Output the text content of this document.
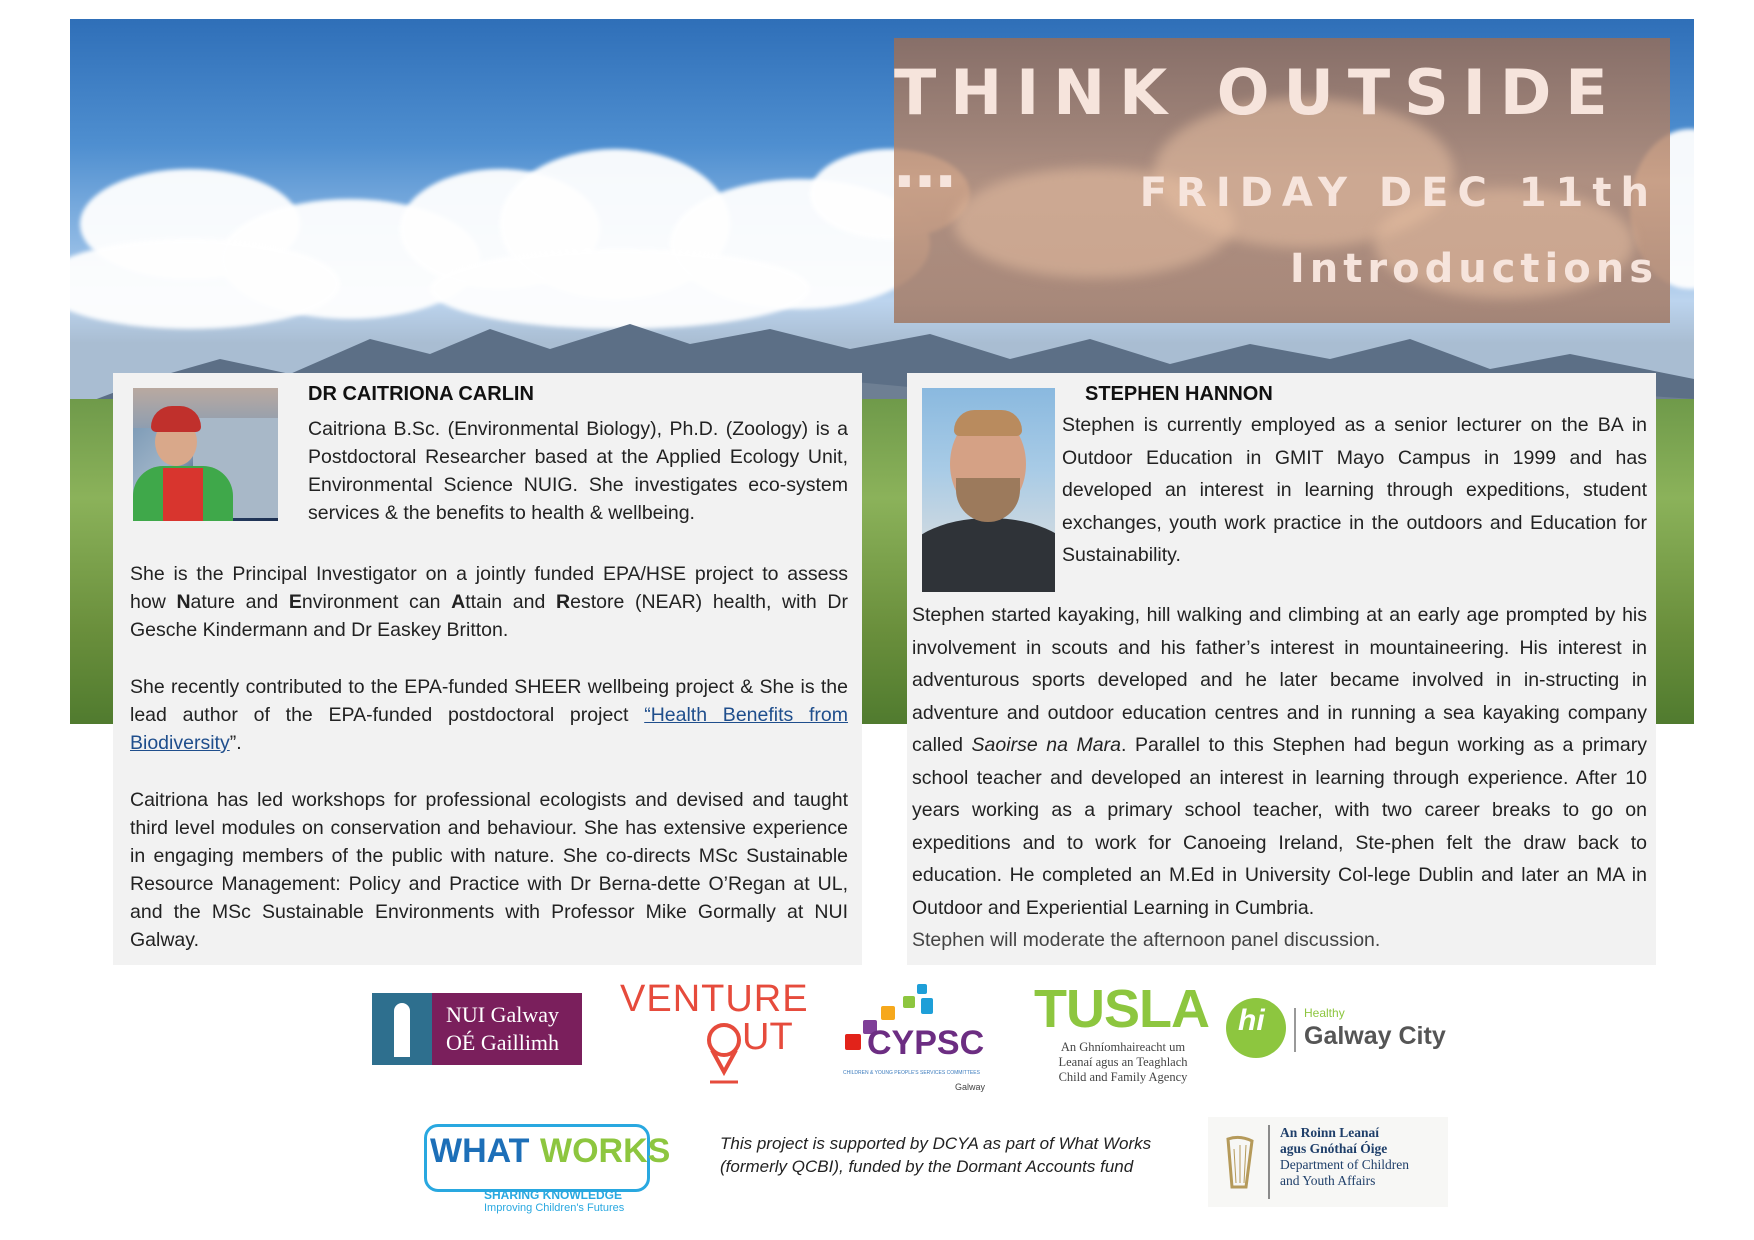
THINK OUTSIDE …	FRIDAY DEC 11th
Introductions
DR CAITRIONA CARLIN
Caitriona B.Sc. (Environmental Biology), Ph.D. (Zoology) is a Postdoctoral Researcher based at the Applied Ecology Unit, Environmental Science NUIG. She investigates eco-system services & the benefits to health & wellbeing.
She is the Principal Investigator on a jointly funded EPA/HSE project to assess how Nature and Environment can Attain and Restore (NEAR) health, with Dr Gesche Kindermann and Dr Easkey Britton.
She recently contributed to the EPA-funded SHEER wellbeing project & She is the lead author of the EPA-funded postdoctoral project “Health Benefits from Biodiversity”.
Caitriona has led workshops for professional ecologists and devised and taught third level modules on conservation and behaviour. She has extensive experience in engaging members of the public with nature. She co-directs MSc Sustainable Resource Management: Policy and Practice with Dr Berna-dette O’Regan at UL, and the MSc Sustainable Environments with Professor Mike Gormally at NUI Galway.
STEPHEN HANNON
Stephen is currently employed as a senior lecturer on the BA in Outdoor Education in GMIT Mayo Campus in 1999 and has developed an interest in learning through expeditions, student exchanges, youth work practice in the outdoors and Education for Sustainability.
Stephen started kayaking, hill walking and climbing at an early age prompted by his involvement in scouts and his father’s interest in mountaineering. His interest in adventurous sports developed and he later became involved in in-structing in adventure and outdoor education centres and in running a sea kayaking company called Saoirse na Mara. Parallel to this Stephen had begun working as a primary school teacher and developed an interest in learning through experience. After 10 years working as a primary school teacher, with two career breaks to go on expeditions and to work for Canoeing Ireland, Ste-phen felt the draw back to education. He completed an M.Ed in University Col-lege Dublin and later an MA in Outdoor and Experiential Learning in Cumbria.
Stephen will moderate the afternoon panel discussion.
NUI Galway
OÉ Gaillimh
VENTURE
UT CYPSC
CHILDREN & YOUNG PEOPLE'S SERVICES COMMITTEES
Galway
TUSLA
An Ghníomhaireacht um
Leanaí agus an Teaghlach
Child and Family Agency
hi	Healthy
Galway City
WHAT WORKS
SHARING KNOWLEDGE
Improving Children's Futures
This project is supported by DCYA as part of What Works (formerly QCBI), funded by the Dormant Accounts fund
An Roinn Leanaí
agus Gnóthaí Óige
Department of Children
and Youth Affairs
